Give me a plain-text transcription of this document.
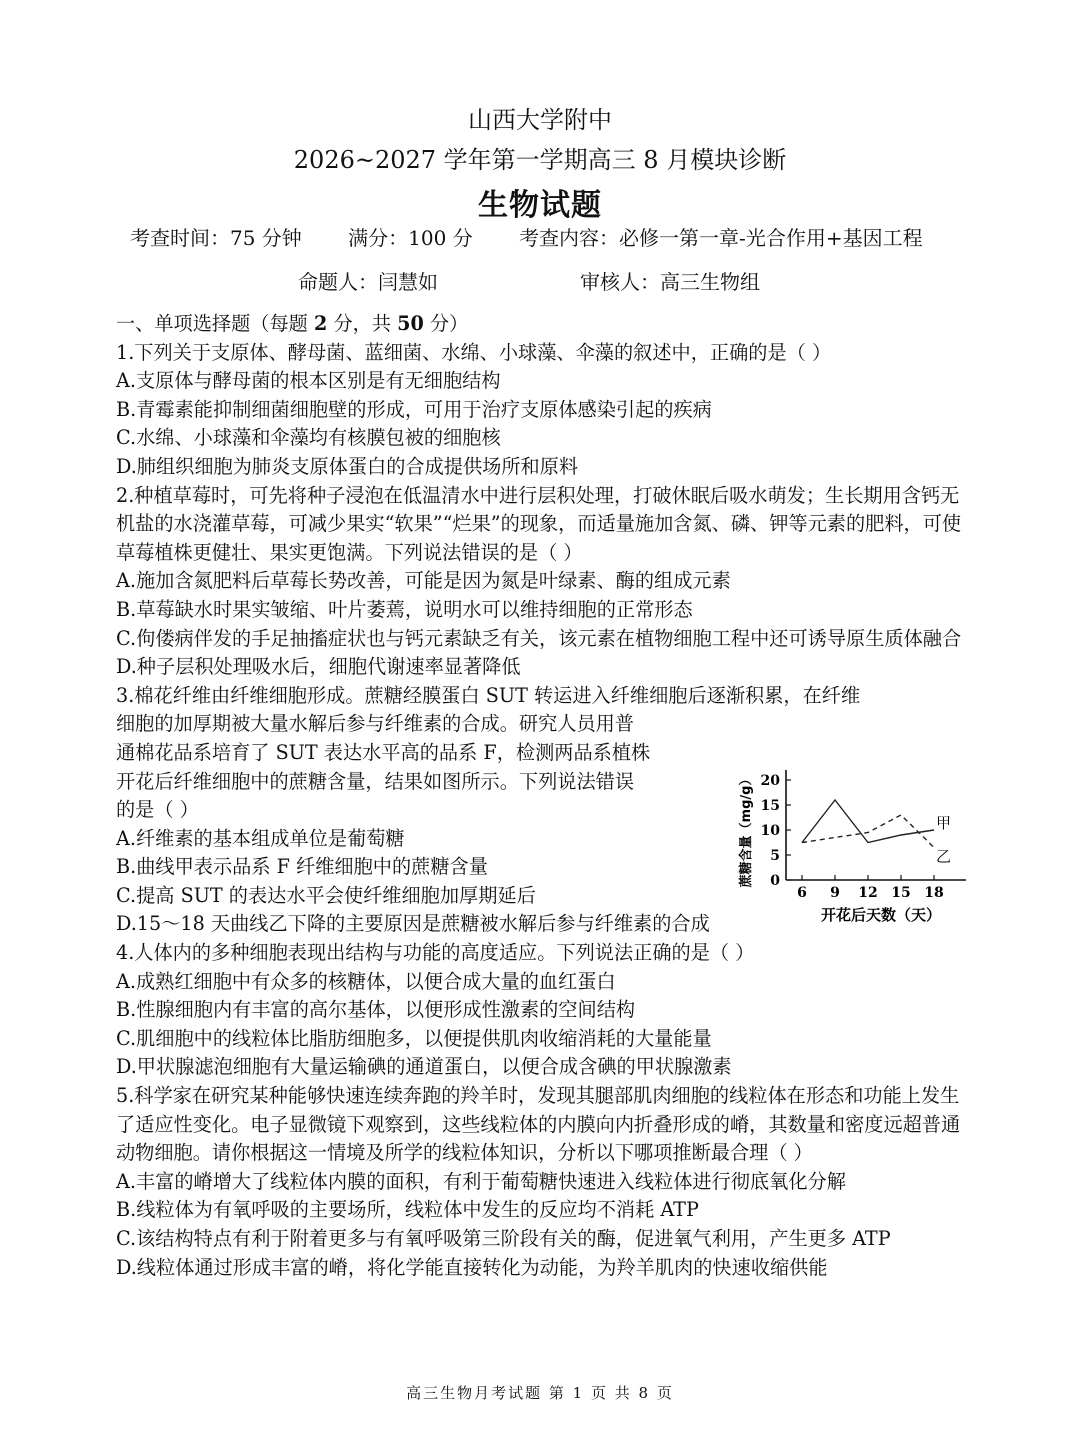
山西大学附中
2026~2027 学年第一学期高三 8 月模块诊断
生物试题
考查时间：75 分钟 满分：100 分 考查内容：必修一第一章-光合作用+基因工程
命题人：闫慧如	审核人：高三生物组
一、单项选择题（每题 2 分，共 50 分）
1.下列关于支原体、酵母菌、蓝细菌、水绵、小球藻、伞藻的叙述中，正确的是（ ）
A.支原体与酵母菌的根本区别是有无细胞结构
B.青霉素能抑制细菌细胞壁的形成，可用于治疗支原体感染引起的疾病
C.水绵、小球藻和伞藻均有核膜包被的细胞核
D.肺组织细胞为肺炎支原体蛋白的合成提供场所和原料
2.种植草莓时，可先将种子浸泡在低温清水中进行层积处理，打破休眠后吸水萌发；生长期用含钙无机盐的水浇灌草莓，可减少果实“软果”“烂果”的现象，而适量施加含氮、磷、钾等元素的肥料，可使草莓植株更健壮、果实更饱满。下列说法错误的是（ ）
A.施加含氮肥料后草莓长势改善，可能是因为氮是叶绿素、酶的组成元素
B.草莓缺水时果实皱缩、叶片萎蔫，说明水可以维持细胞的正常形态
C.佝偻病伴发的手足抽搐症状也与钙元素缺乏有关，该元素在植物细胞工程中还可诱导原生质体融合
D.种子层积处理吸水后，细胞代谢速率显著降低
3.棉花纤维由纤维细胞形成。蔗糖经膜蛋白 SUT 转运进入纤维细胞后逐渐积累，在纤维
细胞的加厚期被大量水解后参与纤维素的合成。研究人员用普
通棉花品系培育了 SUT 表达水平高的品系 F，检测两品系植株
开花后纤维细胞中的蔗糖含量，结果如图所示。下列说法错误
的是（ ）
A.纤维素的基本组成单位是葡萄糖
B.曲线甲表示品系 F 纤维细胞中的蔗糖含量
C.提高 SUT 的表达水平会使纤维细胞加厚期延后
D.15～18 天曲线乙下降的主要原因是蔗糖被水解后参与纤维素的合成
4.人体内的多种细胞表现出结构与功能的高度适应。下列说法正确的是（ ）
A.成熟红细胞中有众多的核糖体，以便合成大量的血红蛋白
B.性腺细胞内有丰富的高尔基体，以便形成性激素的空间结构
C.肌细胞中的线粒体比脂肪细胞多，以便提供肌肉收缩消耗的大量能量
D.甲状腺滤泡细胞有大量运输碘的通道蛋白，以便合成含碘的甲状腺激素
5.科学家在研究某种能够快速连续奔跑的羚羊时，发现其腿部肌肉细胞的线粒体在形态和功能上发生了适应性变化。电子显微镜下观察到，这些线粒体的内膜向内折叠形成的嵴，其数量和密度远超普通动物细胞。请你根据这一情境及所学的线粒体知识，分析以下哪项推断最合理（ ）
A.丰富的嵴增大了线粒体内膜的面积，有利于葡萄糖快速进入线粒体进行彻底氧化分解
B.线粒体为有氧呼吸的主要场所，线粒体中发生的反应均不消耗 ATP
C.该结构特点有利于附着更多与有氧呼吸第三阶段有关的酶，促进氧气利用，产生更多 ATP
D.线粒体通过形成丰富的嵴，将化学能直接转化为动能，为羚羊肌肉的快速收缩供能
0
5
10
15
20
6 9 12 15 18
蔗糖含量（mg/g）
开花后天数（天）
甲
乙
高三生物月考试题 第 1 页 共 8 页
